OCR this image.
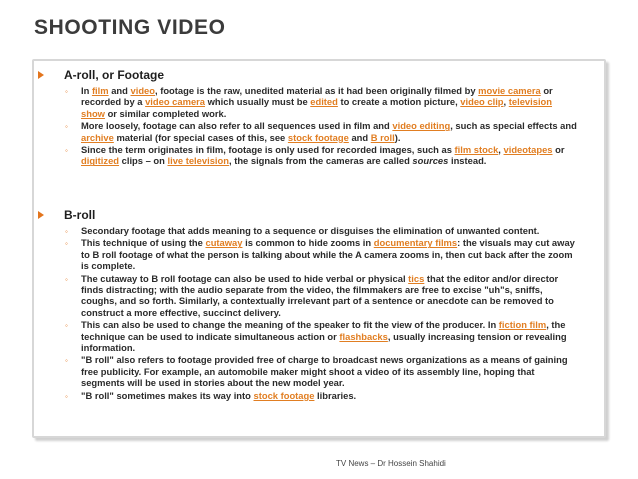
SHOOTING VIDEO
A-roll, or Footage
◦ In film and video, footage is the raw, unedited material as it had been originally filmed by movie camera or recorded by a video camera which usually must be edited to create a motion picture, video clip, television show or similar completed work.
◦ More loosely, footage can also refer to all sequences used in film and video editing, such as special effects and archive material (for special cases of this, see stock footage and B roll).
◦ Since the term originates in film, footage is only used for recorded images, such as film stock, videotapes or digitized clips – on live television, the signals from the cameras are called sources instead.
B-roll
◦ Secondary footage that adds meaning to a sequence or disguises the elimination of unwanted content.
◦ This technique of using the cutaway is common to hide zooms in documentary films: the visuals may cut away to B roll footage of what the person is talking about while the A camera zooms in, then cut back after the zoom is complete.
◦ The cutaway to B roll footage can also be used to hide verbal or physical tics that the editor and/or director finds distracting; with the audio separate from the video, the filmmakers are free to excise "uh"s, sniffs, coughs, and so forth. Similarly, a contextually irrelevant part of a sentence or anecdote can be removed to construct a more effective, succinct delivery.
◦ This can also be used to change the meaning of the speaker to fit the view of the producer. In fiction film, the technique can be used to indicate simultaneous action or flashbacks, usually increasing tension or revealing information.
◦ "B roll" also refers to footage provided free of charge to broadcast news organizations as a means of gaining free publicity. For example, an automobile maker might shoot a video of its assembly line, hoping that segments will be used in stories about the new model year.
◦ "B roll" sometimes makes its way into stock footage libraries.
TV News – Dr Hossein Shahidi
